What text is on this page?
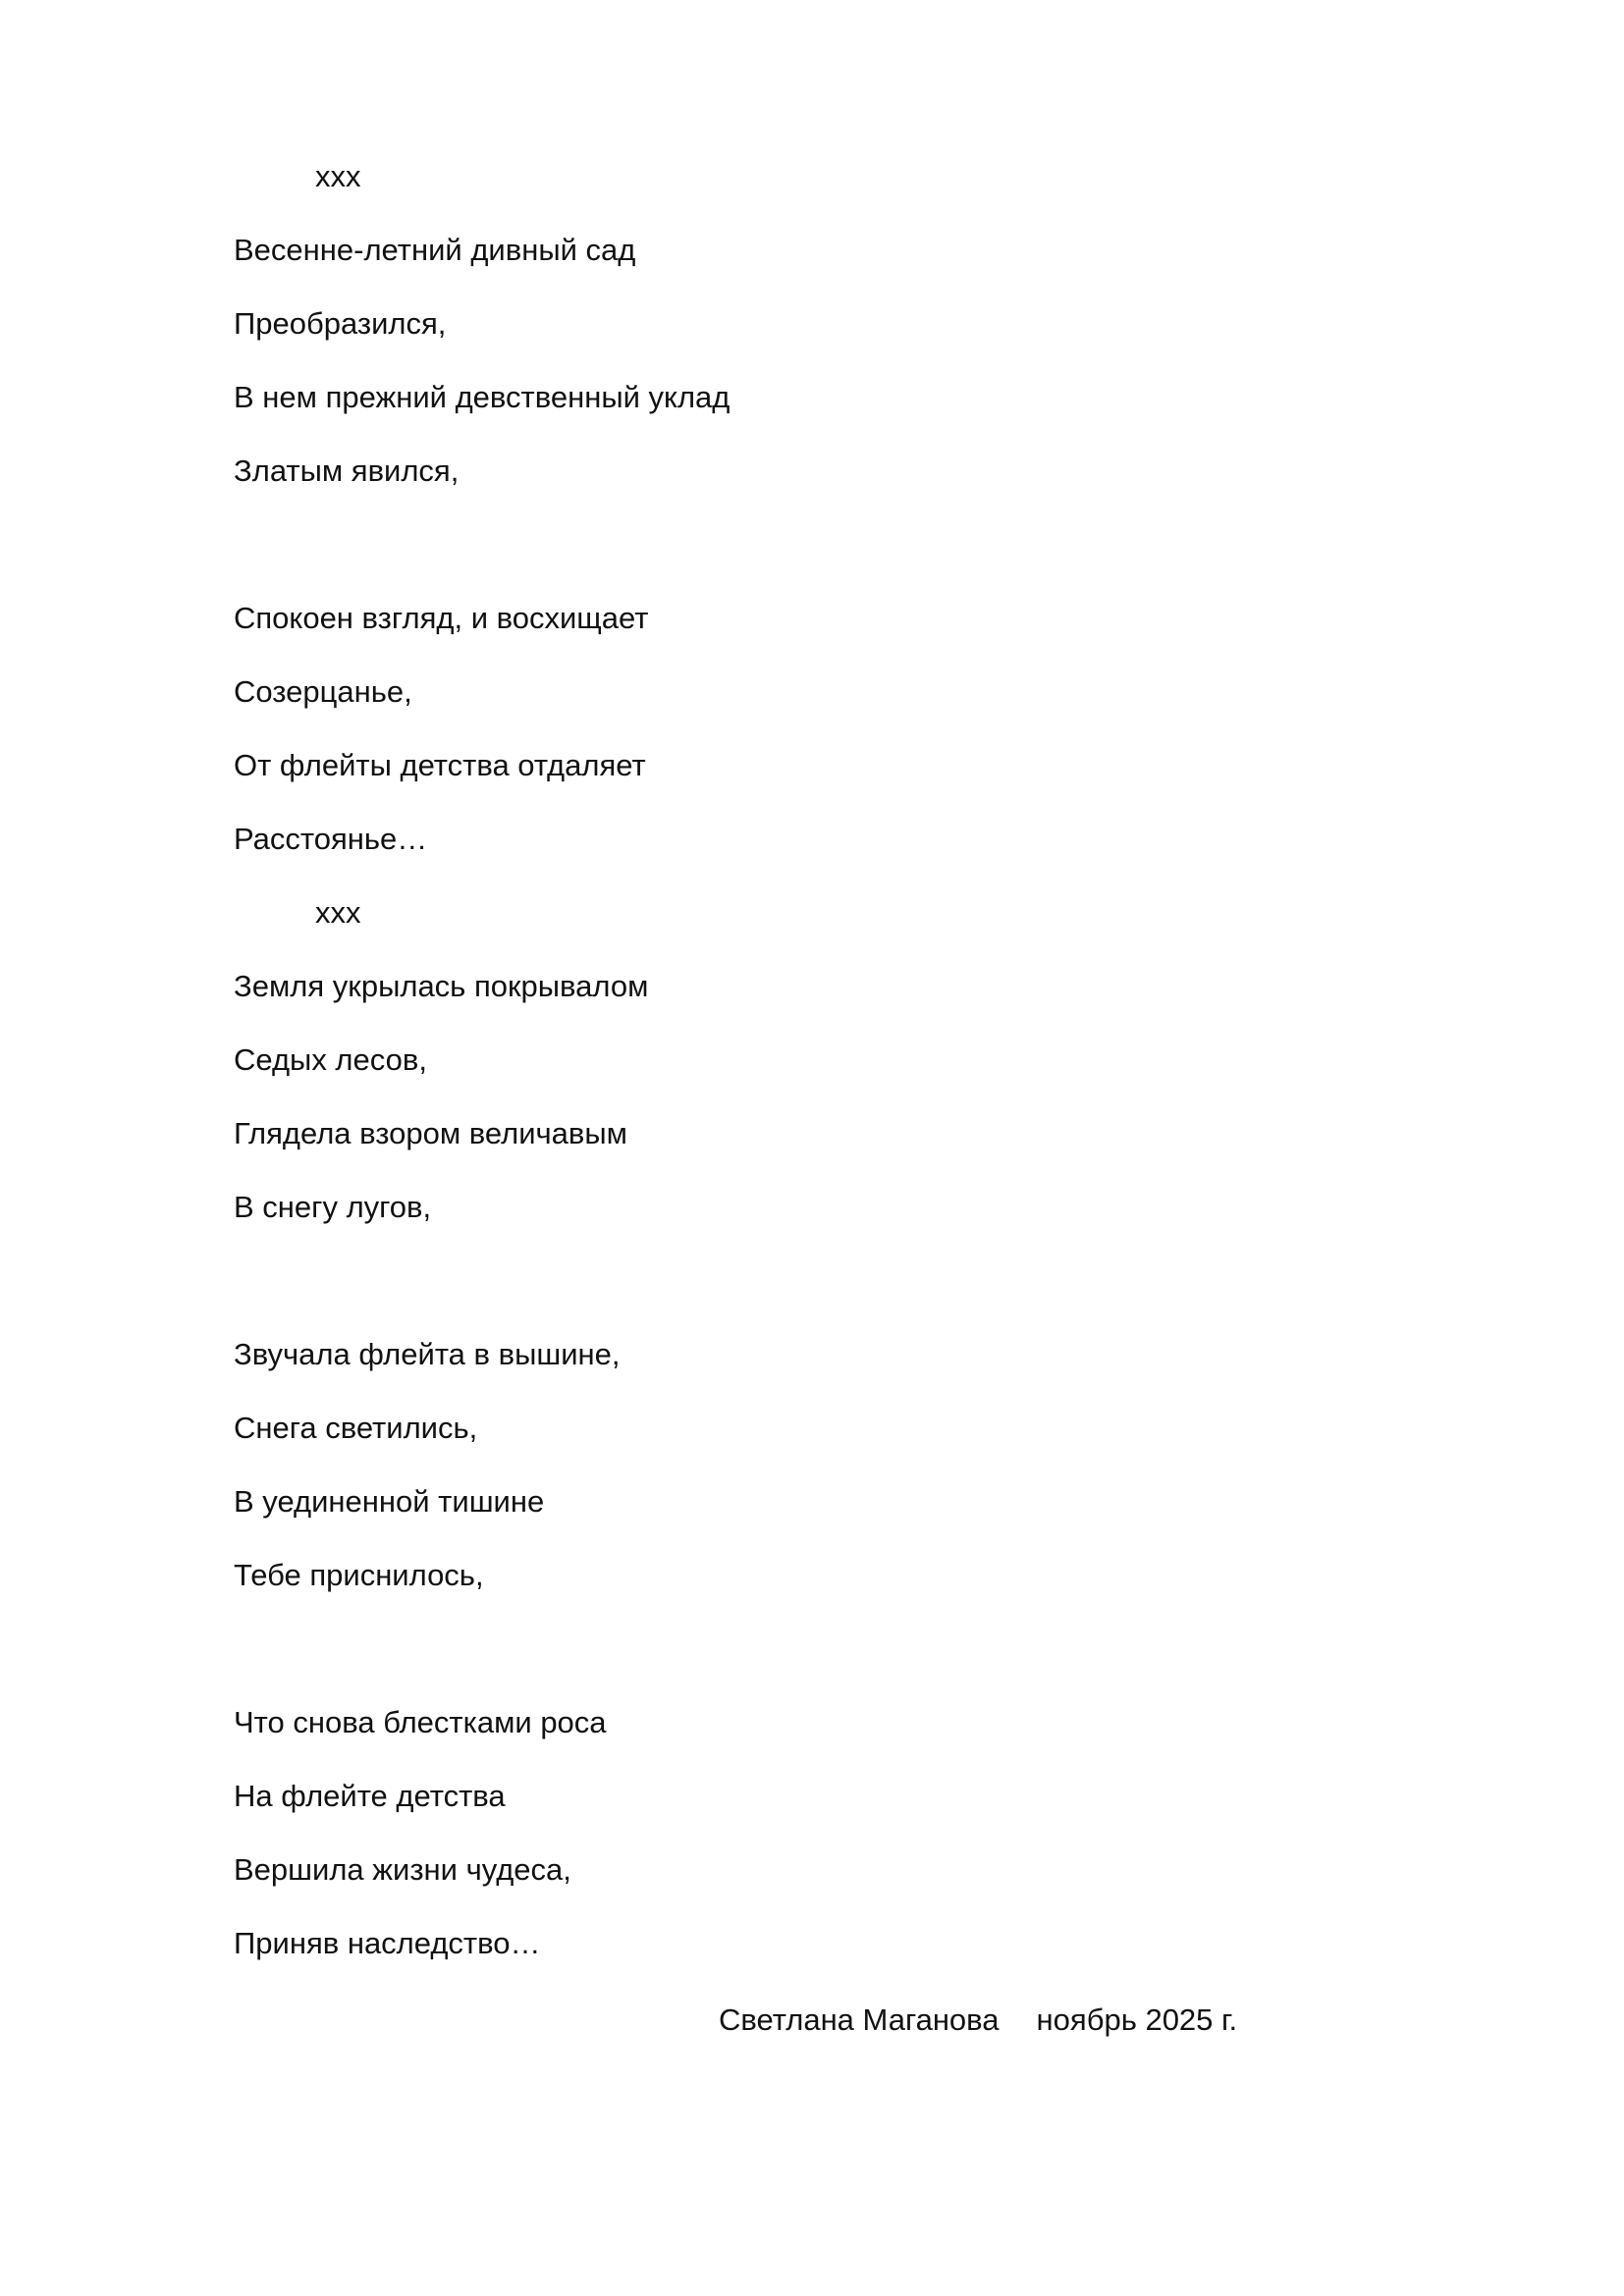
ххх
Весенне-летний дивный сад
Преобразился,
В нем прежний девственный уклад
Златым явился,
Спокоен взгляд, и восхищает
Созерцанье,
От флейты детства отдаляет
Расстоянье…
ххх
Земля укрылась покрывалом
Седых лесов,
Глядела взором величавым
В снегу лугов,
Звучала флейта в вышине,
Снега светились,
В уединенной тишине
Тебе приснилось,
Что снова блестками роса
На флейте детства
Вершила жизни чудеса,
Приняв наследство…
Светлана Маганова ноябрь 2025 г.
